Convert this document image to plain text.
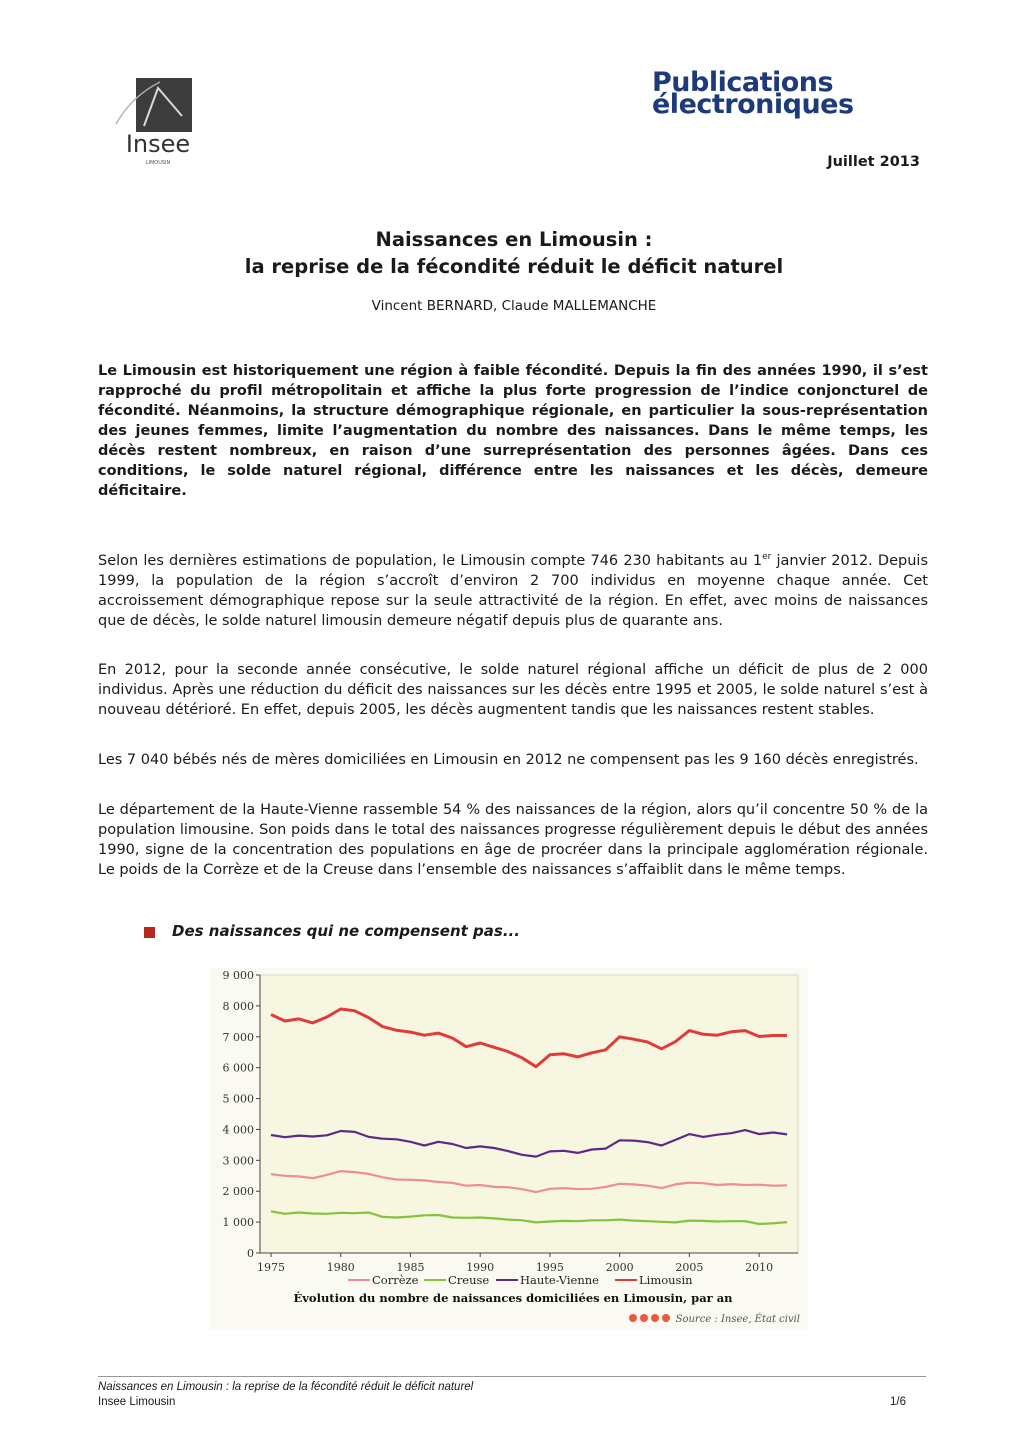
Insee
LIMOUSIN
Publications
électroniques
Juillet 2013
Naissances en Limousin :
la reprise de la fécondité réduit le déficit naturel
Vincent BERNARD, Claude MALLEMANCHE
Le Limousin est historiquement une région à faible fécondité. Depuis la fin des années 1990, il s’est rapproché du profil métropolitain et affiche la plus forte progression de l’indice conjoncturel de fécondité. Néanmoins, la structure démographique régionale, en particulier la sous-représentation des jeunes femmes, limite l’augmentation du nombre des naissances. Dans le même temps, les décès restent nombreux, en raison d’une surreprésentation des personnes âgées. Dans ces conditions, le solde naturel régional, différence entre les naissances et les décès, demeure déficitaire.
Selon les dernières estimations de population, le Limousin compte 746 230 habitants au 1er janvier 2012. Depuis 1999, la population de la région s’accroît d’environ 2 700 individus en moyenne chaque année. Cet accroissement démographique repose sur la seule attractivité de la région. En effet, avec moins de naissances que de décès, le solde naturel limousin demeure négatif depuis plus de quarante ans.
En 2012, pour la seconde année consécutive, le solde naturel régional affiche un déficit de plus de 2 000 individus. Après une réduction du déficit des naissances sur les décès entre 1995 et 2005, le solde naturel s’est à nouveau détérioré. En effet, depuis 2005, les décès augmentent tandis que les naissances restent stables.
Les 7 040 bébés nés de mères domiciliées en Limousin en 2012 ne compensent pas les 9 160 décès enregistrés.
Le département de la Haute-Vienne rassemble 54 % des naissances de la région, alors qu’il concentre 50 % de la population limousine. Son poids dans le total des naissances progresse régulièrement depuis le début des années 1990, signe de la concentration des populations en âge de procréer dans la principale agglomération régionale. Le poids de la Corrèze et de la Creuse dans l’ensemble des naissances s’affaiblit dans le même temps.
Des naissances qui ne compensent pas...
0
1 000
2 000
3 000
4 000
5 000
6 000
7 000
8 000
9 000
1975	1980	1985	1990	1995	2000	2005	2010
Corrèze	Creuse	Haute-Vienne	Limousin
Évolution du nombre de naissances domiciliées en Limousin, par an
Source : Insee, État civil
Naissances en Limousin : la reprise de la fécondité réduit le déficit naturel
Insee Limousin	1/6
